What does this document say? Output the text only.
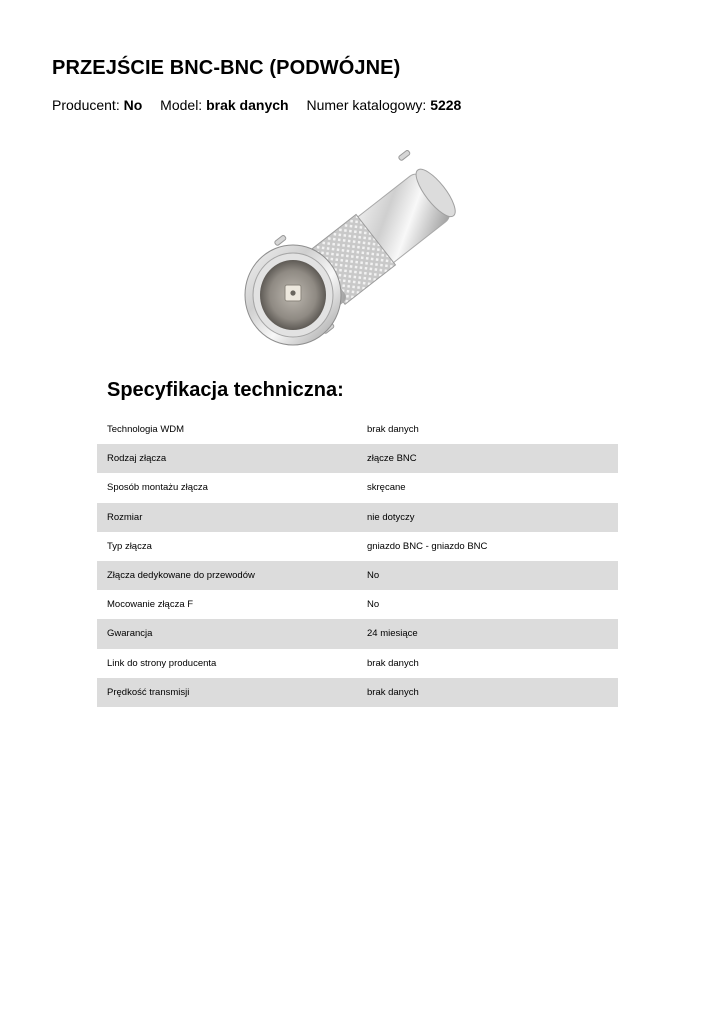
PRZEJŚCIE BNC-BNC (PODWÓJNE)
Producent: No Model: brak danych Numer katalogowy: 5228
Specyfikacja techniczna:
Technologia WDM	brak danych
Rodzaj złącza	złącze BNC
Sposób montażu złącza	skręcane
Rozmiar	nie dotyczy
Typ złącza	gniazdo BNC - gniazdo BNC
Złącza dedykowane do przewodów	No
Mocowanie złącza F	No
Gwarancja	24 miesiące
Link do strony producenta	brak danych
Prędkość transmisji	brak danych
